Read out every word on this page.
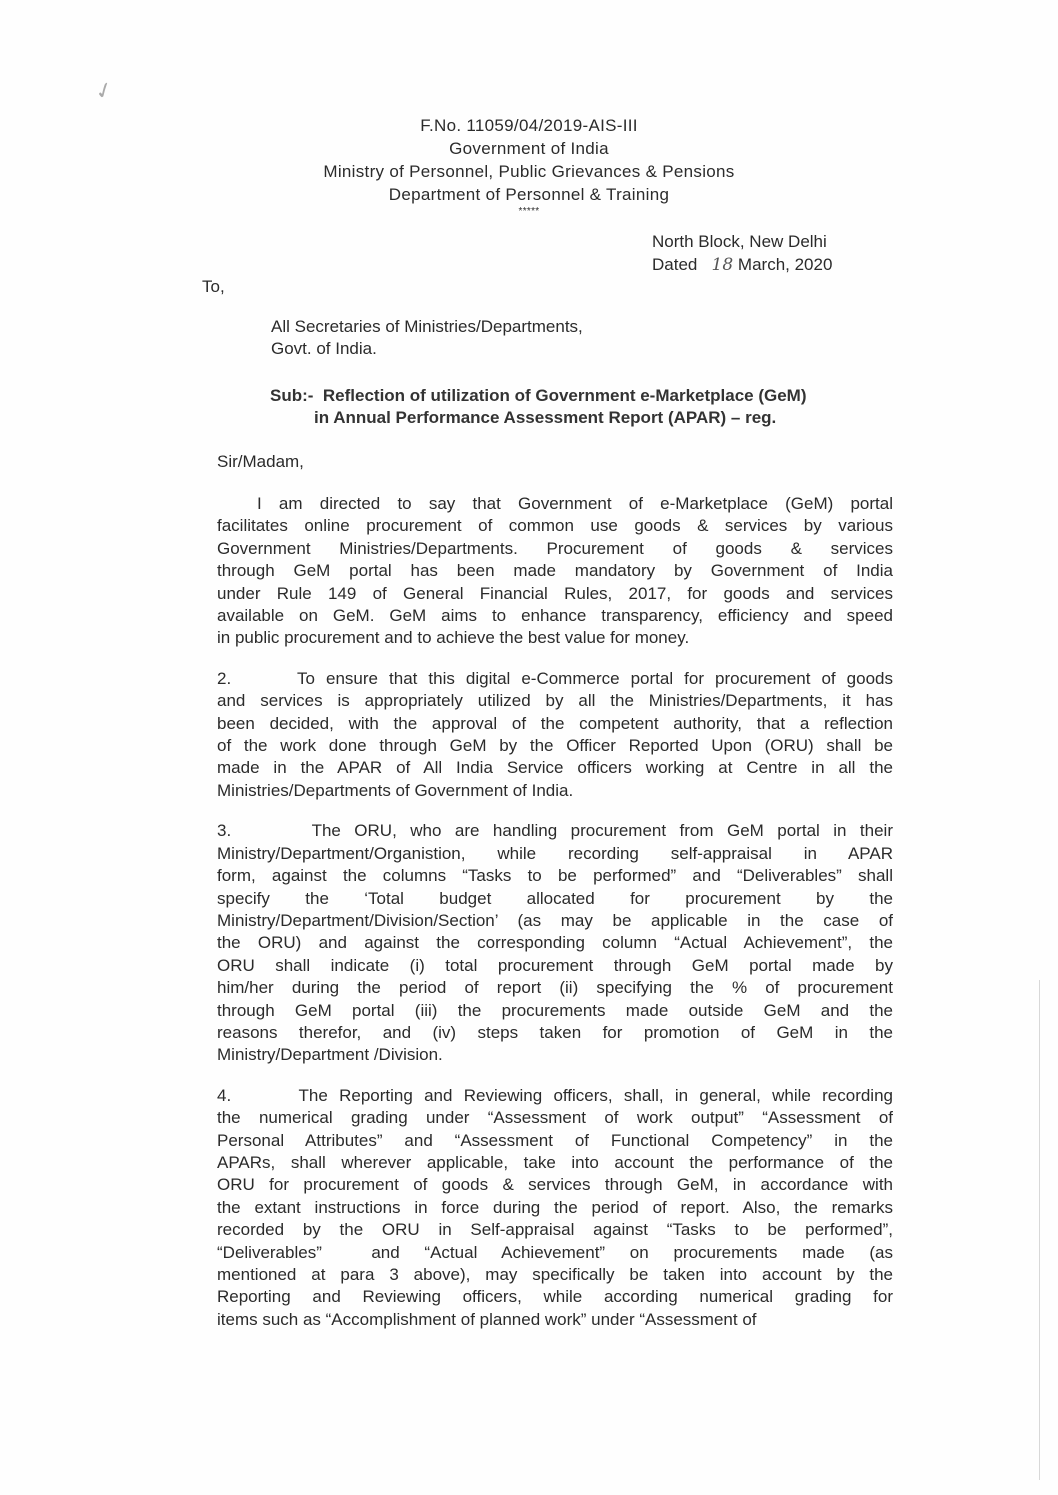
✓
F.No. 11059/04/2019-AIS-III
Government of India
Ministry of Personnel, Public Grievances & Pensions
Department of Personnel & Training
*****
North Block, New Delhi
Dated 18 March, 2020
To,
All Secretaries of Ministries/Departments,
Govt. of India.
Sub:- Reflection of utilization of Government e-Marketplace (GeM)
in Annual Performance Assessment Report (APAR) – reg.
Sir/Madam,
I am directed to say that Government of e-Marketplace (GeM) portal
facilitates online procurement of common use goods & services by various
Government Ministries/Departments. Procurement of goods & services
through GeM portal has been made mandatory by Government of India
under Rule 149 of General Financial Rules, 2017, for goods and services
available on GeM. GeM aims to enhance transparency, efficiency and speed
in public procurement and to achieve the best value for money.
2.      To ensure that this digital e-Commerce portal for procurement of goods
and services is appropriately utilized by all the Ministries/Departments, it has
been decided, with the approval of the competent authority, that a reflection
of the work done through GeM by the Officer Reported Upon (ORU) shall be
made in the APAR of All India Service officers working at Centre in all the
Ministries/Departments of Government of India.
3.      The ORU, who are handling procurement from GeM portal in their
Ministry/Department/Organistion, while recording self-appraisal in APAR
form, against the columns “Tasks to be performed” and “Deliverables” shall
specify the ‘Total budget allocated for procurement by the
Ministry/Department/Division/Section’ (as may be applicable in the case of
the ORU) and against the corresponding column “Actual Achievement”, the
ORU shall indicate (i) total procurement through GeM portal made by
him/her during the period of report (ii) specifying the % of procurement
through GeM portal (iii) the procurements made outside GeM and the
reasons therefor, and (iv) steps taken for promotion of GeM in the
Ministry/Department /Division.
4.      The Reporting and Reviewing officers, shall, in general, while recording
the numerical grading under “Assessment of work output” “Assessment of
Personal Attributes” and “Assessment of Functional Competency” in the
APARs, shall wherever applicable, take into account the performance of the
ORU for procurement of goods & services through GeM, in accordance with
the extant instructions in force during the period of report. Also, the remarks
recorded by the ORU in Self-appraisal against “Tasks to be performed”,
“Deliverables”  and “Actual Achievement” on procurements made (as
mentioned at para 3 above), may specifically be taken into account by the
Reporting and Reviewing officers, while according numerical grading for
items such as “Accomplishment of planned work” under “Assessment of
